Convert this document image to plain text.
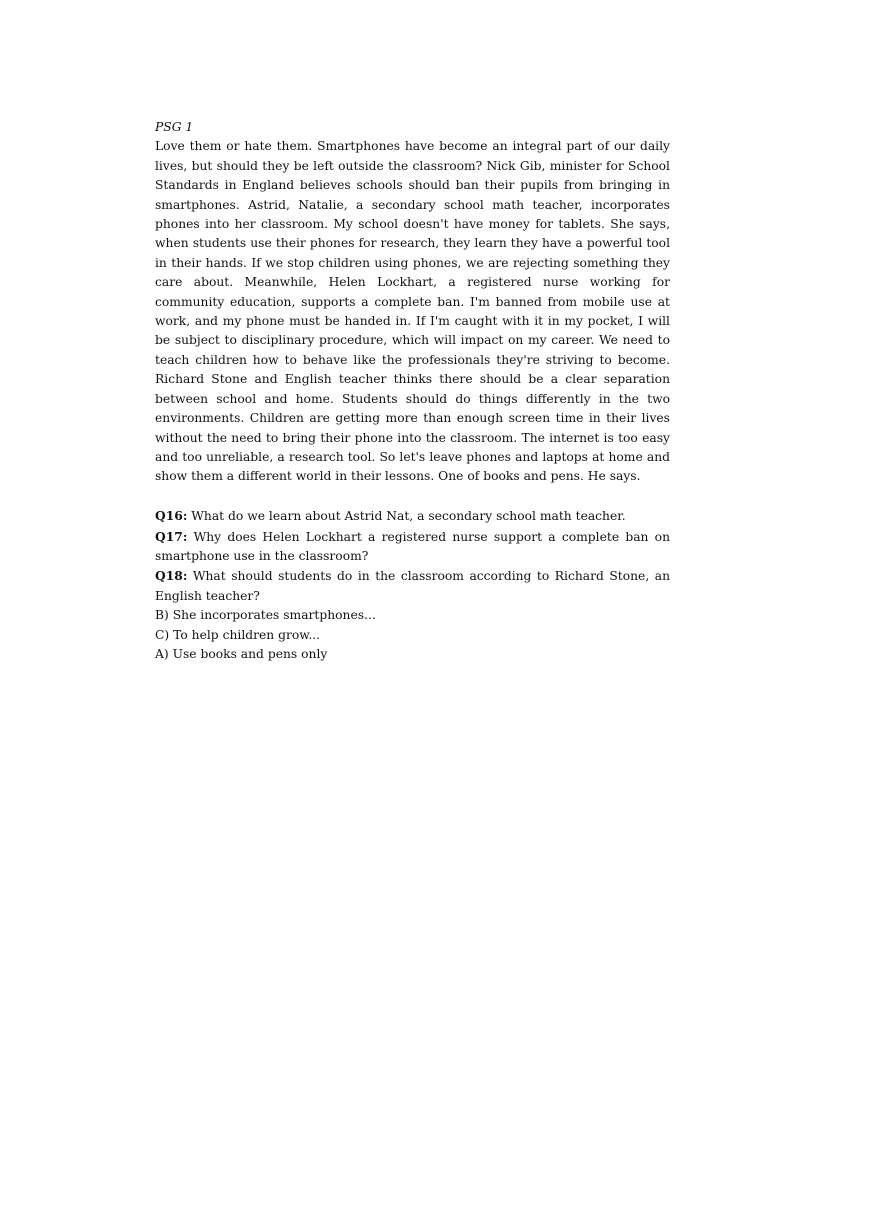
PSG 1

Love them or hate them. Smartphones have become an integral part of our daily lives, but should they be left outside the classroom? Nick Gib, minister for School Standards in England believes schools should ban their pupils from bringing in smartphones. Astrid, Natalie, a secondary school math teacher, incorporates phones into her classroom. My school doesn't have money for tablets. She says, when students use their phones for research, they learn they have a powerful tool in their hands. If we stop children using phones, we are rejecting something they care about. Meanwhile, Helen Lockhart, a registered nurse working for community education, supports a complete ban. I'm banned from mobile use at work, and my phone must be handed in. If I'm caught with it in my pocket, I will be subject to disciplinary procedure, which will impact on my career. We need to teach children how to behave like the professionals they're striving to become. Richard Stone and English teacher thinks there should be a clear separation between school and home. Students should do things differently in the two environments. Children are getting more than enough screen time in their lives without the need to bring their phone into the classroom. The internet is too easy and too unreliable, a research tool. So let's leave phones and laptops at home and show them a different world in their lessons. One of books and pens. He says.

Q16: What do we learn about Astrid Nat, a secondary school math teacher.

Q17: Why does Helen Lockhart a registered nurse support a complete ban on smartphone use in the classroom?

Q18: What should students do in the classroom according to Richard Stone, an English teacher?

B) She incorporates smartphones...

C) To help children grow...

A) Use books and pens only
